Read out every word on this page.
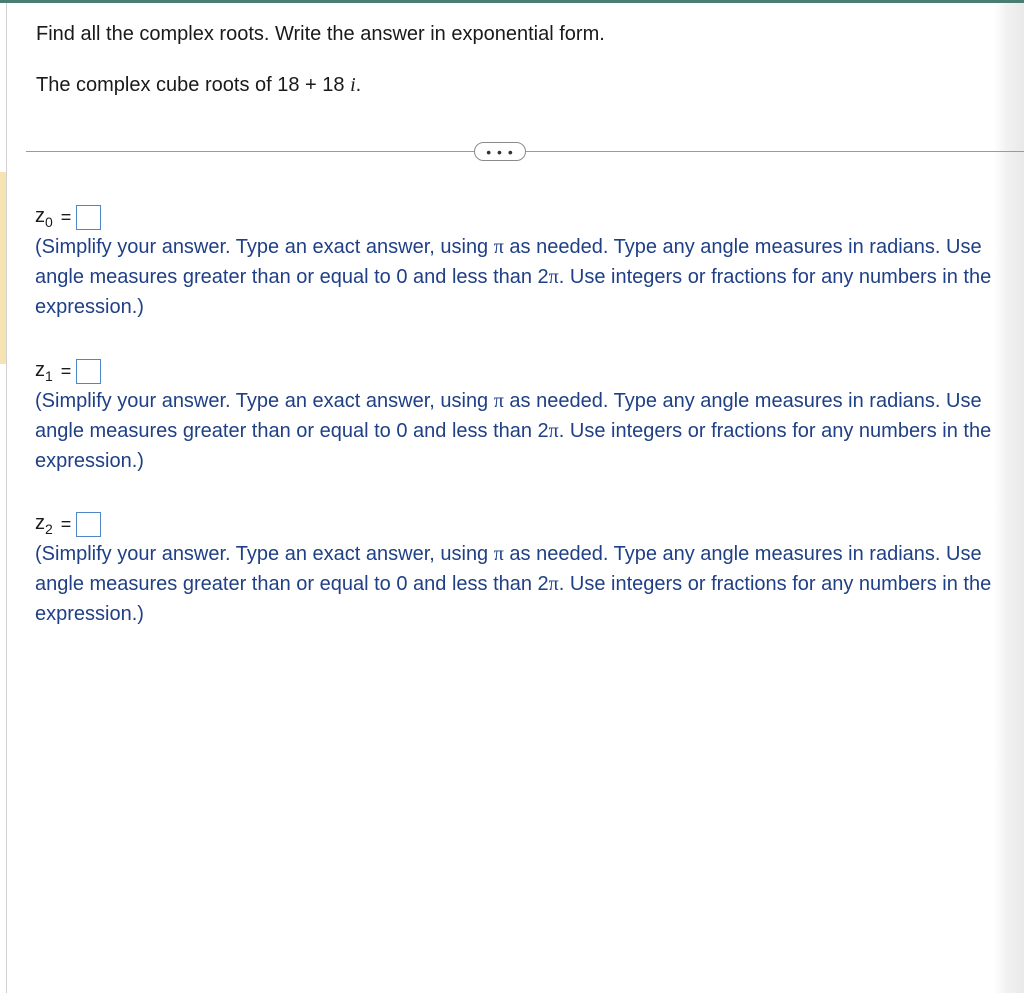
Find all the complex roots. Write the answer in exponential form.
The complex cube roots of 18 + 18 i.
• • •
$z_0$ =
(Simplify your answer. Type an exact answer, using π as needed. Type any angle measures in radians. Use angle measures greater than or equal to 0 and less than 2π. Use integers or fractions for any numbers in the expression.)
$z_1$ =
(Simplify your answer. Type an exact answer, using π as needed. Type any angle measures in radians. Use angle measures greater than or equal to 0 and less than 2π. Use integers or fractions for any numbers in the expression.)
$z_2$ =
(Simplify your answer. Type an exact answer, using π as needed. Type any angle measures in radians. Use angle measures greater than or equal to 0 and less than 2π. Use integers or fractions for any numbers in the expression.)
